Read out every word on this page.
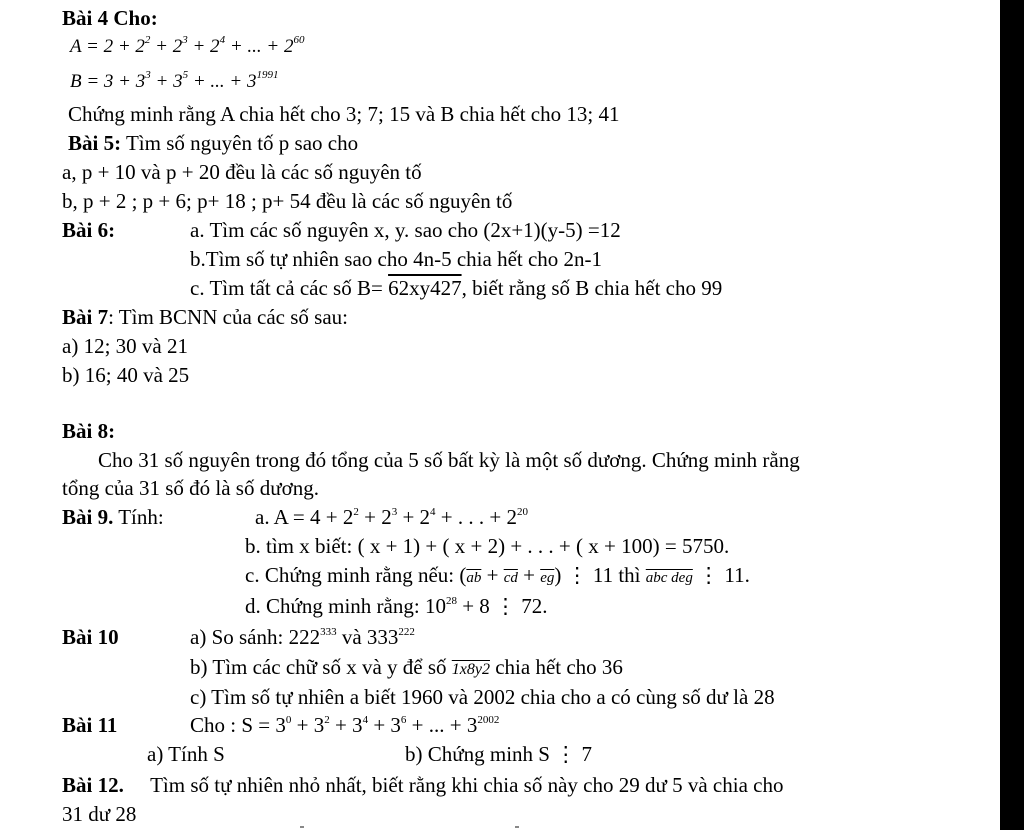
Bài 4 Cho:
$A = 2 + 2^2 + 2^3 + 2^4$ + ... + $2^{60}$
$B = 3 + 3^3 + 3^5$ + ... + $3^{1991}$
Chứng minh rằng A chia hết cho 3; 7; 15 và B chia hết cho 13; 41
Bài 5: Tìm số nguyên tố p sao cho
a, p + 10 và p + 20 đều là các số nguyên tố
b, p + 2 ; p + 6; p+ 18 ; p+ 54 đều là các số nguyên tố
Bài 6:	a. Tìm các số nguyên x, y. sao cho (2x+1)(y-5) =12
b.Tìm số tự nhiên sao cho 4n-5 chia hết cho 2n-1
c. Tìm tất cả các số B= 62xy427, biết rằng số B chia hết cho 99
Bài 7: Tìm BCNN của các số sau:
a) 12; 30 và 21
b) 16; 40 và 25
Bài 8:
Cho 31 số nguyên trong đó tổng của 5 số bất kỳ là một số dương. Chứng minh rằng
tổng của 31 số đó là số dương.
Bài 9. Tính:	a. $A = 4 + 2^2 + 2^3 + 2^4$ + . . . + $2^{20}$
b. tìm x biết: ( x + 1) + ( x + 2) + . . . + ( x + 100) = 5750.
c. Chứng minh rằng nếu: $(\overline{ab} + \overline{cd} + \overline{eg})$ ⋮ 11 thì abc deg ⋮ 11.
d. Chứng minh rằng: $10^{28} + 8$ ⋮ 72.
Bài 10	a) So sánh: $222^{333}$ và $333^{222}$
b) Tìm các chữ số x và y để số 1x8y2 chia hết cho 36
c) Tìm số tự nhiên a biết 1960 và 2002 chia cho a có cùng số dư là 28
Bài 11	Cho : $S = 3^0 + 3^2 + 3^4 + 3^6$ + ... + $3^{2002}$
a) Tính S	b) Chứng minh S ⋮ 7
Bài 12. Tìm số tự nhiên nhỏ nhất, biết rằng khi chia số này cho 29 dư 5 và chia cho
31 dư 28
